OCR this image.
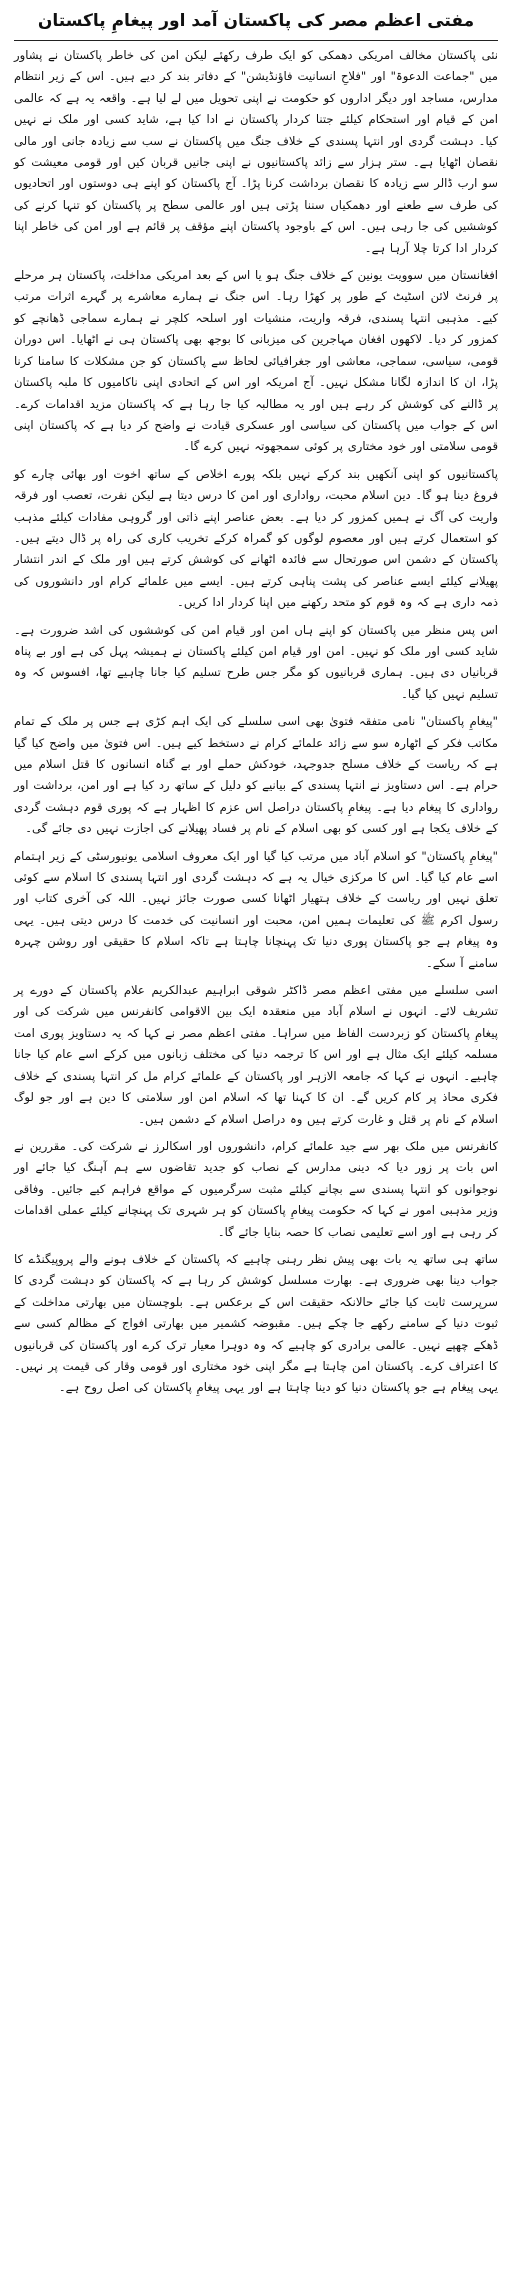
مفتی اعظم مصر کی پاکستان آمد اور پیغامِ پاکستان

نئی پاکستان مخالف امریکی دھمکی کو ایک طرف رکھئے لیکن امن کی خاطر پاکستان نے پشاور میں "جماعت الدعوۃ" اور "فلاحِ انسانیت فاؤنڈیشن" کے دفاتر بند کر دیے ہیں۔ اس کے زیر انتظام مدارس، مساجد اور دیگر اداروں کو حکومت نے اپنی تحویل میں لے لیا ہے۔ واقعہ یہ ہے کہ عالمی امن کے قیام اور استحکام کیلئے جتنا کردار پاکستان نے ادا کیا ہے، شاید کسی اور ملک نے نہیں کیا۔ دہشت گردی اور انتہا پسندی کے خلاف جنگ میں پاکستان نے سب سے زیادہ جانی اور مالی نقصان اٹھایا ہے۔ ستر ہزار سے زائد پاکستانیوں نے اپنی جانیں قربان کیں اور قومی معیشت کو سو ارب ڈالر سے زیادہ کا نقصان برداشت کرنا پڑا۔ آج پاکستان کو اپنے ہی دوستوں اور اتحادیوں کی طرف سے طعنے اور دھمکیاں سننا پڑتی ہیں اور عالمی سطح پر پاکستان کو تنہا کرنے کی کوششیں کی جا رہی ہیں۔ اس کے باوجود پاکستان اپنے مؤقف پر قائم ہے اور امن کی خاطر اپنا کردار ادا کرتا چلا آرہا ہے۔

افغانستان میں سوویت یونین کے خلاف جنگ ہو یا اس کے بعد امریکی مداخلت، پاکستان ہر مرحلے پر فرنٹ لائن اسٹیٹ کے طور پر کھڑا رہا۔ اس جنگ نے ہمارے معاشرے پر گہرے اثرات مرتب کیے۔ مذہبی انتہا پسندی، فرقہ واریت، منشیات اور اسلحہ کلچر نے ہمارے سماجی ڈھانچے کو کمزور کر دیا۔ لاکھوں افغان مہاجرین کی میزبانی کا بوجھ بھی پاکستان ہی نے اٹھایا۔ اس دوران قومی، سیاسی، سماجی، معاشی اور جغرافیائی لحاظ سے پاکستان کو جن مشکلات کا سامنا کرنا پڑا، ان کا اندازہ لگانا مشکل نہیں۔ آج امریکہ اور اس کے اتحادی اپنی ناکامیوں کا ملبہ پاکستان پر ڈالنے کی کوشش کر رہے ہیں اور یہ مطالبہ کیا جا رہا ہے کہ پاکستان مزید اقدامات کرے۔ اس کے جواب میں پاکستان کی سیاسی اور عسکری قیادت نے واضح کر دیا ہے کہ پاکستان اپنی قومی سلامتی اور خود مختاری پر کوئی سمجھوتہ نہیں کرے گا۔

پاکستانیوں کو اپنی آنکھیں بند کرکے نہیں بلکہ پورے اخلاص کے ساتھ اخوت اور بھائی چارے کو فروغ دینا ہو گا۔ دین اسلام محبت، رواداری اور امن کا درس دیتا ہے لیکن نفرت، تعصب اور فرقہ واریت کی آگ نے ہمیں کمزور کر دیا ہے۔ بعض عناصر اپنے ذاتی اور گروہی مفادات کیلئے مذہب کو استعمال کرتے ہیں اور معصوم لوگوں کو گمراہ کرکے تخریب کاری کی راہ پر ڈال دیتے ہیں۔ پاکستان کے دشمن اس صورتحال سے فائدہ اٹھانے کی کوشش کرتے ہیں اور ملک کے اندر انتشار پھیلانے کیلئے ایسے عناصر کی پشت پناہی کرتے ہیں۔ ایسے میں علمائے کرام اور دانشوروں کی ذمہ داری ہے کہ وہ قوم کو متحد رکھنے میں اپنا کردار ادا کریں۔

اس پس منظر میں پاکستان کو اپنے ہاں امن اور قیام امن کی کوششوں کی اشد ضرورت ہے۔ شاید کسی اور ملک کو نہیں۔ امن اور قیام امن کیلئے پاکستان نے ہمیشہ پہل کی ہے اور بے پناہ قربانیاں دی ہیں۔ ہماری قربانیوں کو مگر جس طرح تسلیم کیا جانا چاہیے تھا، افسوس کہ وہ تسلیم نہیں کیا گیا۔

"پیغامِ پاکستان" نامی متفقہ فتویٰ بھی اسی سلسلے کی ایک اہم کڑی ہے جس پر ملک کے تمام مکاتب فکر کے اٹھارہ سو سے زائد علمائے کرام نے دستخط کیے ہیں۔ اس فتویٰ میں واضح کیا گیا ہے کہ ریاست کے خلاف مسلح جدوجہد، خودکش حملے اور بے گناہ انسانوں کا قتل اسلام میں حرام ہے۔ اس دستاویز نے انتہا پسندی کے بیانیے کو دلیل کے ساتھ رد کیا ہے اور امن، برداشت اور رواداری کا پیغام دیا ہے۔ پیغامِ پاکستان دراصل اس عزم کا اظہار ہے کہ پوری قوم دہشت گردی کے خلاف یکجا ہے اور کسی کو بھی اسلام کے نام پر فساد پھیلانے کی اجازت نہیں دی جائے گی۔

"پیغامِ پاکستان" کو اسلام آباد میں مرتب کیا گیا اور ایک معروف اسلامی یونیورسٹی کے زیر اہتمام اسے عام کیا گیا۔ اس کا مرکزی خیال یہ ہے کہ دہشت گردی اور انتہا پسندی کا اسلام سے کوئی تعلق نہیں اور ریاست کے خلاف ہتھیار اٹھانا کسی صورت جائز نہیں۔ اللہ کی آخری کتاب اور رسول اکرم ﷺ کی تعلیمات ہمیں امن، محبت اور انسانیت کی خدمت کا درس دیتی ہیں۔ یہی وہ پیغام ہے جو پاکستان پوری دنیا تک پہنچانا چاہتا ہے تاکہ اسلام کا حقیقی اور روشن چہرہ سامنے آ سکے۔

اسی سلسلے میں مفتی اعظم مصر ڈاکٹر شوقی ابراہیم عبدالکریم علام پاکستان کے دورے پر تشریف لائے۔ انہوں نے اسلام آباد میں منعقدہ ایک بین الاقوامی کانفرنس میں شرکت کی اور پیغامِ پاکستان کو زبردست الفاظ میں سراہا۔ مفتی اعظم مصر نے کہا کہ یہ دستاویز پوری امت مسلمہ کیلئے ایک مثال ہے اور اس کا ترجمہ دنیا کی مختلف زبانوں میں کرکے اسے عام کیا جانا چاہیے۔ انہوں نے کہا کہ جامعہ الازہر اور پاکستان کے علمائے کرام مل کر انتہا پسندی کے خلاف فکری محاذ پر کام کریں گے۔ ان کا کہنا تھا کہ اسلام امن اور سلامتی کا دین ہے اور جو لوگ اسلام کے نام پر قتل و غارت کرتے ہیں وہ دراصل اسلام کے دشمن ہیں۔

کانفرنس میں ملک بھر سے جید علمائے کرام، دانشوروں اور اسکالرز نے شرکت کی۔ مقررین نے اس بات پر زور دیا کہ دینی مدارس کے نصاب کو جدید تقاضوں سے ہم آہنگ کیا جائے اور نوجوانوں کو انتہا پسندی سے بچانے کیلئے مثبت سرگرمیوں کے مواقع فراہم کیے جائیں۔ وفاقی وزیر مذہبی امور نے کہا کہ حکومت پیغامِ پاکستان کو ہر شہری تک پہنچانے کیلئے عملی اقدامات کر رہی ہے اور اسے تعلیمی نصاب کا حصہ بنایا جائے گا۔

ساتھ ہی ساتھ یہ بات بھی پیش نظر رہنی چاہیے کہ پاکستان کے خلاف ہونے والے پروپیگنڈے کا جواب دینا بھی ضروری ہے۔ بھارت مسلسل کوشش کر رہا ہے کہ پاکستان کو دہشت گردی کا سرپرست ثابت کیا جائے حالانکہ حقیقت اس کے برعکس ہے۔ بلوچستان میں بھارتی مداخلت کے ثبوت دنیا کے سامنے رکھے جا چکے ہیں۔ مقبوضہ کشمیر میں بھارتی افواج کے مظالم کسی سے ڈھکے چھپے نہیں۔ عالمی برادری کو چاہیے کہ وہ دوہرا معیار ترک کرے اور پاکستان کی قربانیوں کا اعتراف کرے۔ پاکستان امن چاہتا ہے مگر اپنی خود مختاری اور قومی وقار کی قیمت پر نہیں۔ یہی پیغام ہے جو پاکستان دنیا کو دینا چاہتا ہے اور یہی پیغامِ پاکستان کی اصل روح ہے۔
